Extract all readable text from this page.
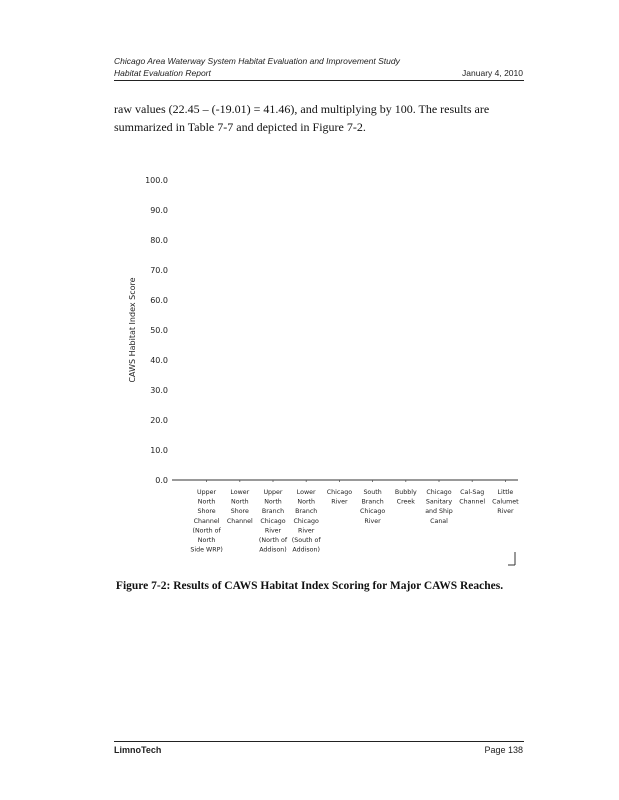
Chicago Area Waterway System Habitat Evaluation and Improvement Study
Habitat Evaluation Report	January 4, 2010

raw values (22.45 – (-19.01) = 41.46), and multiplying by 100. The results are

summarized in Table 7-7 and depicted in Figure 7-2.

0.0
10.0
20.0
30.0
40.0
50.0
60.0
70.0
80.0
90.0
100.0
CAWS Habitat Index Score
Upper North Shore Channel (North of North Side WRP)
Lower North Shore Channel
Upper North Branch Chicago River (North of Addison)
Lower North Branch Chicago River (South of Addison)
Chicago River
South Branch Chicago River
Bubbly Creek
Chicago Sanitary and Ship Canal
Cal-Sag Channel
Little Calumet River
Figure 7-2: Results of CAWS Habitat Index Scoring for Major CAWS Reaches.
LimnoTech	Page 138
